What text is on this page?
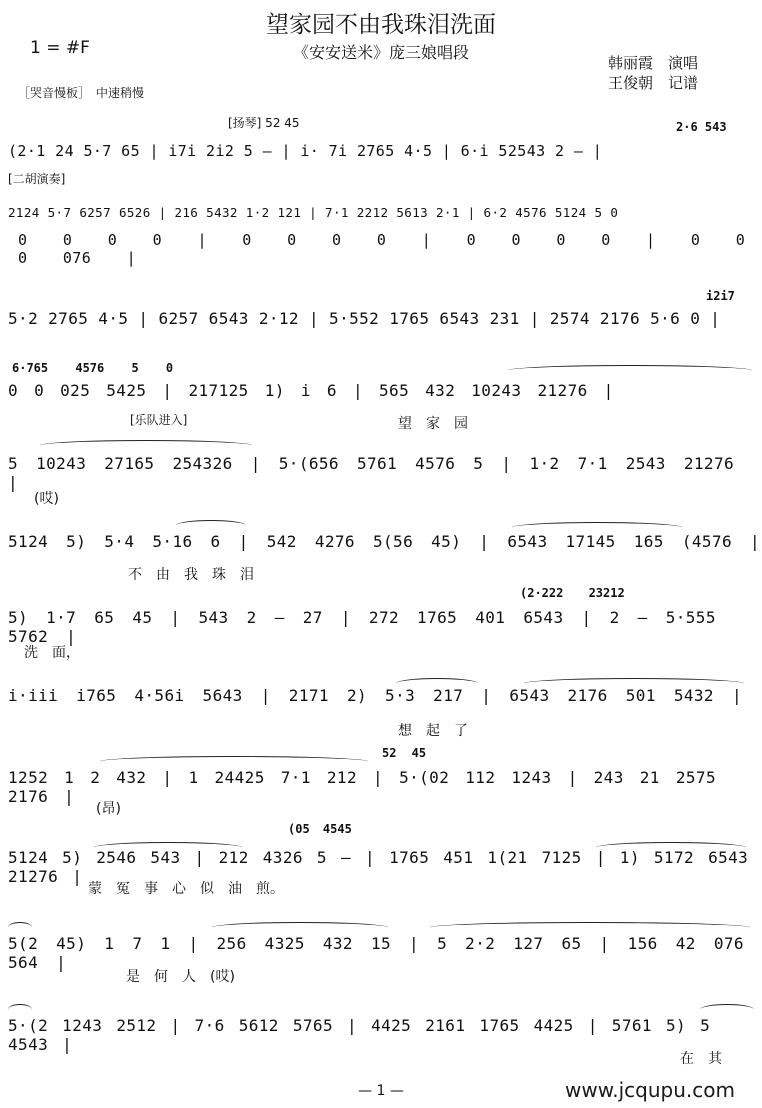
望家园不由我珠泪洗面
《安安送米》庞三娘唱段
1 = #F
韩丽霞　演唱
王俊朝　记谱
［哭音慢板］　中速稍慢
[扬琴] 52 45	2·6 543
(2·1 24 5·7 65 | i7i 2i2 5 — | i· 7i 2765 4·5 | 6·i 52543 2 — |
[二胡演奏]
2124 5·7 6257 6526 | 216 5432 1·2 121 | 7·1 2212 5613 2·1 | 6·2 4576 5124 5 0
0 0 0 0 | 0 0 0 0 | 0 0 0 0 | 0 0 0 076 |
i2i7
5·2 2765 4·5 | 6257 6543 2·12 | 5·552 1765 6543 231 | 2574 2176 5·6 0 |
6·765 4576 5 0
0 0 025 5425 | 217125 1) i 6 | 565 432 10243 21276 |
[乐队进入]	望　家　园
5 10243 27165 254326 | 5·(656 5761 4576 5 | 1·2 7·1 2543 21276 |
(哎)
5124 5) 5·4 5·16 6 | 542 4276 5(56 45) | 6543 17145 165 (4576 |
不　由　我　珠　泪
(2·222 23212
5) 1·7 65 45 | 543 2 — 27 | 272 1765 401 6543 | 2 — 5·555 5762 |
洗　面，
i·iii i765 4·56i 5643 | 2171 2) 5·3 217 | 6543 2176 501 5432 |
想　起　了
52 45
1252 1 2 432 | 1 24425 7·1 212 | 5·(02 112 1243 | 243 21 2575 2176 |
(昂)
(05 4545
5124 5) 2546 543 | 212 4326 5 — | 1765 451 1(21 7125 | 1) 5172 6543 21276 |
蒙　冤　事　心　似　油　煎。
5(2 45) 1 7 1 | 256 4325 432 15 | 5 2·2 127 65 | 156 42 076 564 |
是　何　人　(哎)
5·(2 1243 2512 | 7·6 5612 5765 | 4425 2161 1765 4425 | 5761 5) 5 4543 |
在　其
— 1 —	www.jcqupu.com
